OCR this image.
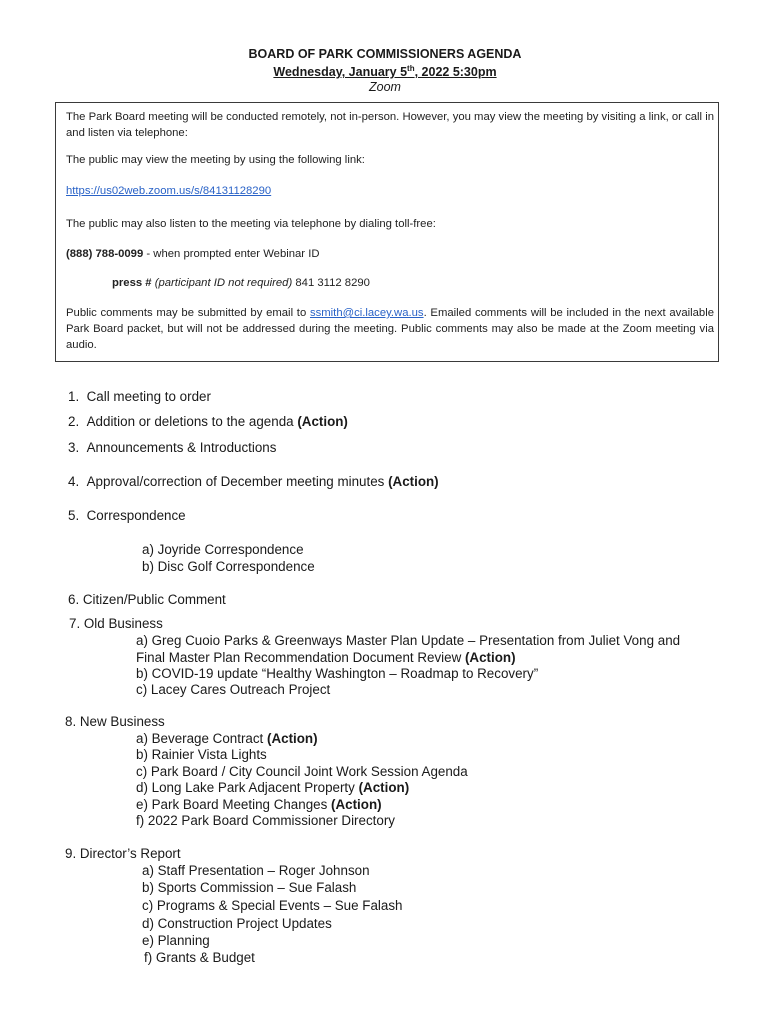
BOARD OF PARK COMMISSIONERS AGENDA
Wednesday, January 5th, 2022 5:30pm
Zoom
The Park Board meeting will be conducted remotely, not in-person. However, you may view the meeting by visiting a link, or call in and listen via telephone:
The public may view the meeting by using the following link:
https://us02web.zoom.us/s/84131128290
The public may also listen to the meeting via telephone by dialing toll-free:
(888) 788-0099 - when prompted enter Webinar ID
press # (participant ID not required) 841 3112 8290
Public comments may be submitted by email to ssmith@ci.lacey.wa.us. Emailed comments will be included in the next available Park Board packet, but will not be addressed during the meeting. Public comments may also be made at the Zoom meeting via audio.
1. Call meeting to order
2. Addition or deletions to the agenda (Action)
3. Announcements & Introductions
4. Approval/correction of December meeting minutes (Action)
5. Correspondence
a) Joyride Correspondence
b) Disc Golf Correspondence
6. Citizen/Public Comment
7. Old Business
a) Greg Cuoio Parks & Greenways Master Plan Update – Presentation from Juliet Vong and
Final Master Plan Recommendation Document Review (Action)
b) COVID-19 update “Healthy Washington – Roadmap to Recovery”
c) Lacey Cares Outreach Project
8. New Business
a) Beverage Contract (Action)
b) Rainier Vista Lights
c) Park Board / City Council Joint Work Session Agenda
d) Long Lake Park Adjacent Property (Action)
e) Park Board Meeting Changes (Action)
f) 2022 Park Board Commissioner Directory
9. Director’s Report
a) Staff Presentation – Roger Johnson
b) Sports Commission – Sue Falash
c) Programs & Special Events – Sue Falash
d) Construction Project Updates
e) Planning
f) Grants & Budget
